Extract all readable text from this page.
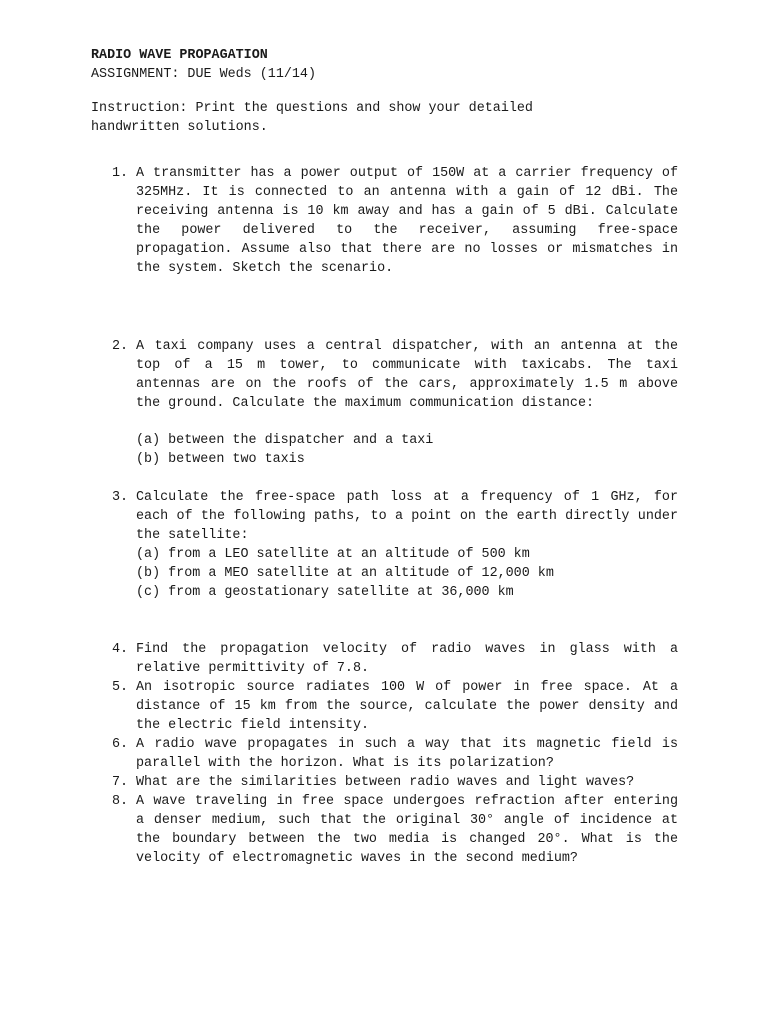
RADIO WAVE PROPAGATION
ASSIGNMENT: DUE Weds (11/14)
Instruction: Print the questions and show your detailed
handwritten solutions.
1. A transmitter has a power output of 150W at a carrier frequency of 325MHz. It is connected to an antenna with a gain of 12 dBi. The receiving antenna is 10 km away and has a gain of 5 dBi. Calculate the power delivered to the receiver, assuming free-space propagation. Assume also that there are no losses or mismatches in the system. Sketch the scenario.
2. A taxi company uses a central dispatcher, with an antenna at the top of a 15 m tower, to communicate with taxicabs. The taxi antennas are on the roofs of the cars, approximately 1.5 m above the ground. Calculate the maximum communication distance:
(a) between the dispatcher and a taxi
(b) between two taxis
3. Calculate the free-space path loss at a frequency of 1 GHz, for each of the following paths, to a point on the earth directly under the satellite:
(a) from a LEO satellite at an altitude of 500 km
(b) from a MEO satellite at an altitude of 12,000 km
(c) from a geostationary satellite at 36,000 km
4. Find the propagation velocity of radio waves in glass with a relative permittivity of 7.8.
5. An isotropic source radiates 100 W of power in free space. At a distance of 15 km from the source, calculate the power density and the electric field intensity.
6. A radio wave propagates in such a way that its magnetic field is parallel with the horizon. What is its polarization?
7. What are the similarities between radio waves and light waves?
8. A wave traveling in free space undergoes refraction after entering a denser medium, such that the original 30° angle of incidence at the boundary between the two media is changed 20°. What is the velocity of electromagnetic waves in the second medium?
